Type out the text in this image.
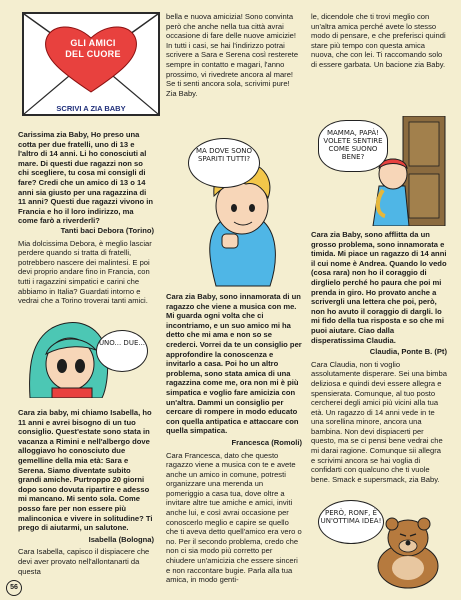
GLI AMICI
DEL CUORE
SCRIVI A ZIA BABY

Carissima zia Baby, Ho preso una cotta per due fratelli, uno di 13 e l'altro di 14 anni. Li ho conosciuti al mare. Di questi due ragazzi non so chi scegliere, tu cosa mi consigli di fare? Credi che un amico di 13 o 14 anni sia giusto per una ragazzina di 11 anni? Questi due ragazzi vivono in Francia e ho il loro indirizzo, ma come farò a riverderli?

Tanti baci Debora (Torino)

Mia dolcissima Debora, è meglio lasciar perdere quando si tratta di fratelli, potrebbero nascere dei malintesi. E poi devi proprio andare fino in Francia, con tutti i ragazzini simpatici e carini che abbiamo in Italia? Guardati intorno e vedrai che a Torino troverai tanti amici.

UNO... DUE...

Cara zia baby, mi chiamo Isabella, ho 11 anni e avrei bisogno di un tuo consiglio. Quest'estate sono stata in vacanza a Rimini e nell'albergo dove alloggiavo ho conosciuto due gemelline della mia età: Sara e Serena. Siamo diventate subito grandi amiche. Purtroppo 20 giorni dopo sono dovuta ripartire e adesso mi mancano. Mi sento sola. Come posso fare per non essere più malinconica e vivere in solitudine? Ti prego di aiutarmi, un salutone.

Isabella (Bologna)

Cara Isabella, capisco il dispiacere che devi aver provato nell'allontanarti da questa

bella e nuova amicizia! Sono convinta però che anche nella tua città avrai occasione di fare delle nuove amicizie! In tutti i casi, se hai l'indirizzo potrai scrivere a Sara e Serena così resterete sempre in contatto e magari, l'anno prossimo, vi rivedrete ancora al mare! Se ti senti ancora sola, scrivimi pure! Zia Baby.

MA DOVE SONO SPARITI TUTTI?

Cara zia Baby, sono innamorata di un ragazzo che viene a musica con me. Mi guarda ogni volta che ci incontriamo, e un suo amico mi ha detto che mi ama e non so se crederci. Vorrei da te un consiglio per approfondire la conoscenza e invitarlo a casa. Poi ho un altro problema, sono stata amica di una ragazzina come me, ora non mi è più simpatica e voglio fare amicizia con un'altra. Dammi un consiglio per cercare di rompere in modo educato con quella antipatica e attaccare con quella simpatica.

Francesca (Romoli)

Cara Francesca, dato che questo ragazzo viene a musica con te e avete anche un amico in comune, potresti organizzare una merenda un pomeriggio a casa tua, dove oltre a invitare altre tue amiche e amici, inviti anche lui, e così avrai occasione per conoscerlo meglio e capire se quello che ti aveva detto quell'amico era vero o no. Per il secondo problema, credo che non ci sia modo più corretto per chiudere un'amicizia che essere sinceri e non raccontare bugie. Parla alla tua amica, in modo genti-

le, dicendole che ti trovi meglio con un'altra amica perché avete lo stesso modo di pensare, e che preferisci quindi stare più tempo con questa amica nuova, che con lei. Ti raccomando solo di essere garbata. Un bacione zia Baby.

MAMMA, PAPÀ! VOLETE SENTIRE COME SUONO BENE?

Cara zia Baby, sono afflitta da un grosso problema, sono innamorata e timida. Mi piace un ragazzo di 14 anni il cui nome è Andrea. Quando lo vedo (cosa rara) non ho il coraggio di dirglielo perché ho paura che poi mi prenda in giro. Ho provato anche a scrivergli una lettera che poi, però, non ho avuto il coraggio di dargli. lo mi fido della tua risposta e so che mi puoi aiutare. Ciao dalla disperatissima Claudia.

Claudia, Ponte B. (Pt)

Cara Claudia, non ti voglio assolutamente disperare. Sei una bimba deliziosa e quindi devi essere allegra e spensierata. Comunque, al tuo posto cercherei degli amici più vicini alla tua età. Un ragazzo di 14 anni vede in te una sorellina minore, ancora una bambina. Non devi dispiacerti per questo, ma se ci pensi bene vedrai che mi darai ragione. Comunque sii allegra e scrivimi ancora se hai voglia di confidarti con qualcuno che ti vuole bene. Smack e supersmack, zia Baby.

PERÒ, RONF, È UN'OTTIMA IDEA!
56
